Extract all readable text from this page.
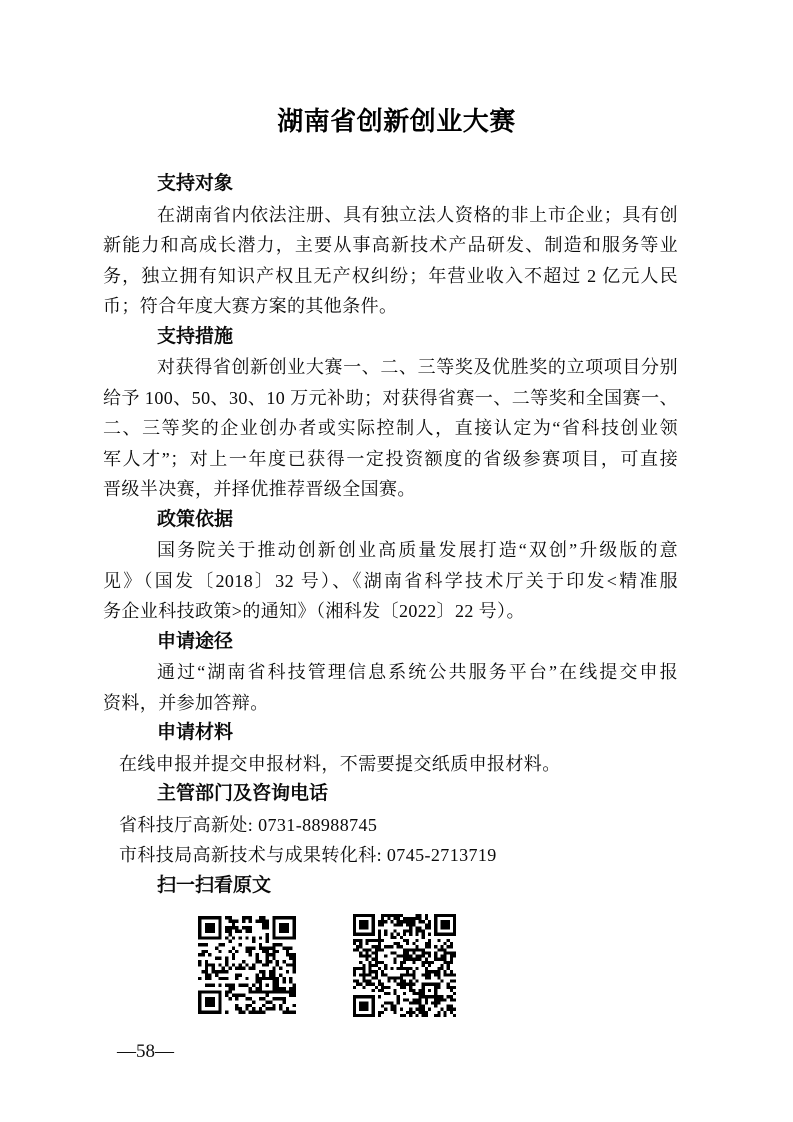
湖南省创新创业大赛
支持对象
在湖南省内依法注册、具有独立法人资格的非上市企业；具有创
新能力和高成长潜力，主要从事高新技术产品研发、制造和服务等业
务，独立拥有知识产权且无产权纠纷；年营业收入不超过 2 亿元人民
币；符合年度大赛方案的其他条件。
支持措施
对获得省创新创业大赛一、二、三等奖及优胜奖的立项项目分别
给予 100、50、30、10 万元补助；对获得省赛一、二等奖和全国赛一、
二、三等奖的企业创办者或实际控制人，直接认定为“省科技创业领
军人才”；对上一年度已获得一定投资额度的省级参赛项目，可直接
晋级半决赛，并择优推荐晋级全国赛。
政策依据
国务院关于推动创新创业高质量发展打造“双创”升级版的意
见》（国发〔2018〕32 号）、《湖南省科学技术厅关于印发<精准服
务企业科技政策>的通知》（湘科发〔2022〕22 号）。
申请途径
通过“湖南省科技管理信息系统公共服务平台”在线提交申报
资料，并参加答辩。
申请材料
在线申报并提交申报材料，不需要提交纸质申报材料。
主管部门及咨询电话
省科技厅高新处: 0731-88988745
市科技局高新技术与成果转化科: 0745-2713719
扫一扫看原文
—58—
